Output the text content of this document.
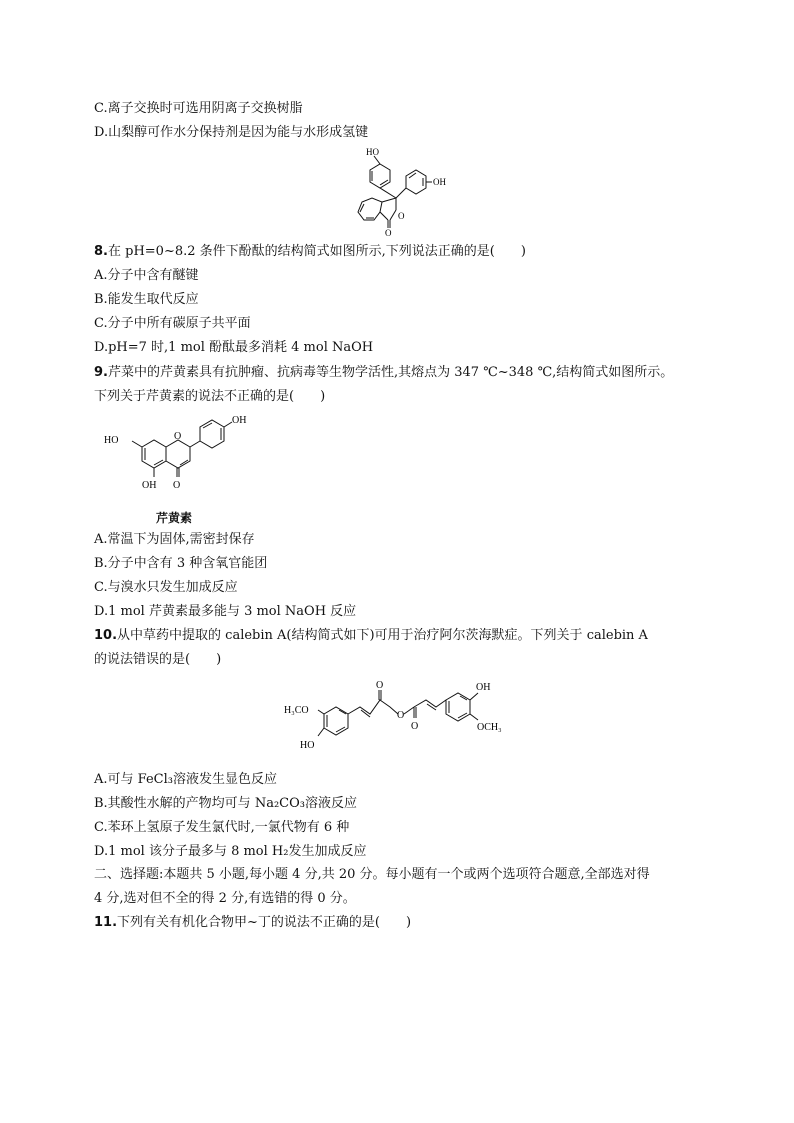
C.离子交换时可选用阴离子交换树脂
D.山梨醇可作水分保持剂是因为能与水形成氢键
HO
OH
O
O
8.在 pH=0~8.2 条件下酚酞的结构简式如图所示,下列说法正确的是(　　)
A.分子中含有醚键
B.能发生取代反应
C.分子中所有碳原子共平面
D.pH=7 时,1 mol 酚酞最多消耗 4 mol NaOH
9.芹菜中的芹黄素具有抗肿瘤、抗病毒等生物学活性,其熔点为 347 ℃~348 ℃,结构简式如图所示。
下列关于芹黄素的说法不正确的是(　　)
HO	O
OH
OH O
芹黄素
A.常温下为固体,需密封保存
B.分子中含有 3 种含氧官能团
C.与溴水只发生加成反应
D.1 mol 芹黄素最多能与 3 mol NaOH 反应
10.从中草药中提取的 calebin A(结构简式如下)可用于治疗阿尔茨海默症。下列关于 calebin A
的说法错误的是(　　)
H₃CO
HO
O
O
O
OH
OCH₃
A.可与 FeCl₃溶液发生显色反应
B.其酸性水解的产物均可与 Na₂CO₃溶液反应
C.苯环上氢原子发生氯代时,一氯代物有 6 种
D.1 mol 该分子最多与 8 mol H₂发生加成反应
二、选择题:本题共 5 小题,每小题 4 分,共 20 分。每小题有一个或两个选项符合题意,全部选对得
4 分,选对但不全的得 2 分,有选错的得 0 分。
11.下列有关有机化合物甲~丁的说法不正确的是(　　)
